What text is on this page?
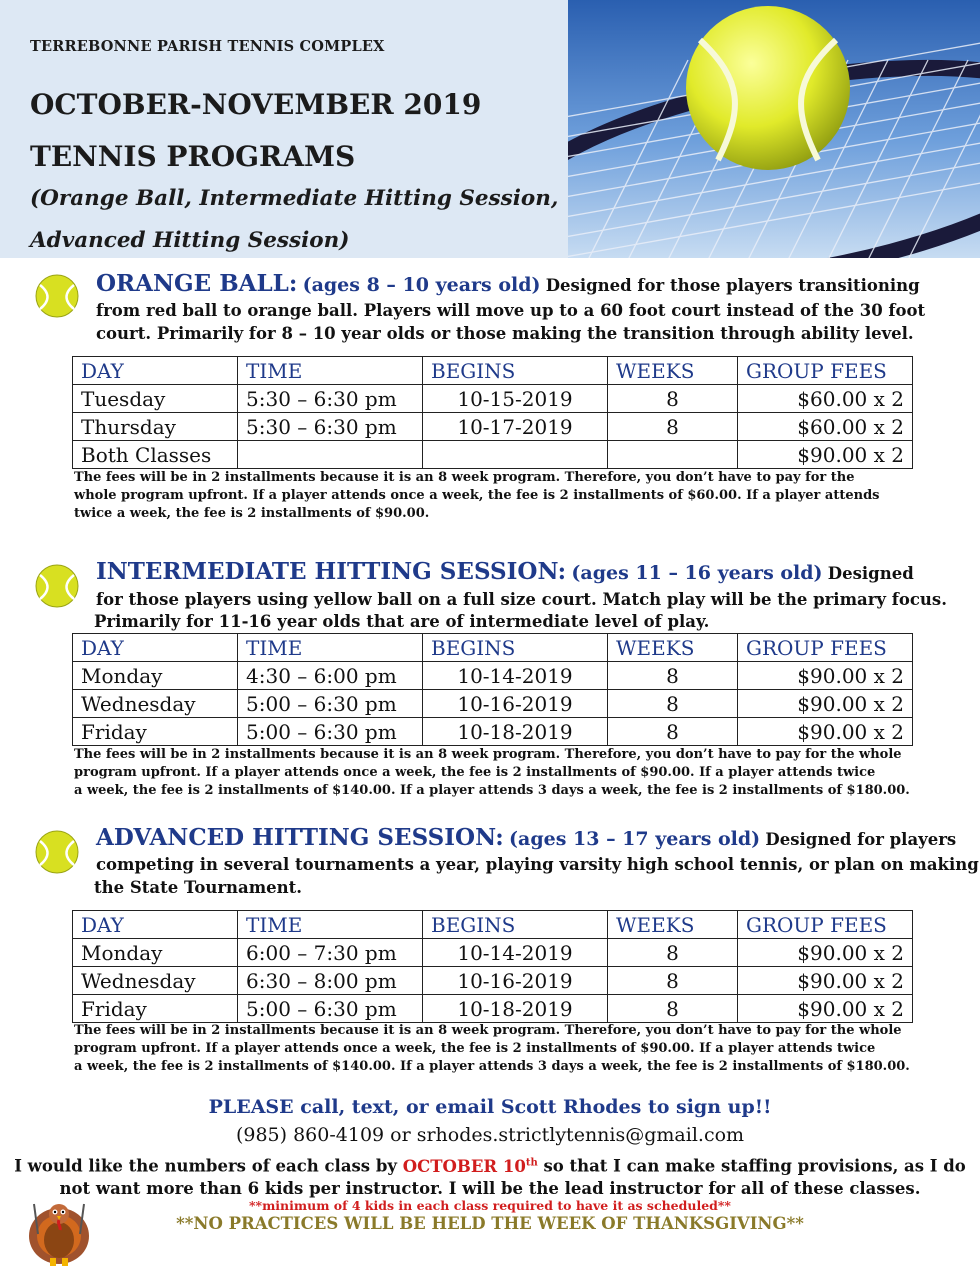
TERREBONNE PARISH TENNIS COMPLEX
OCTOBER-NOVEMBER 2019
TENNIS PROGRAMS
(Orange Ball, Intermediate Hitting Session,
Advanced Hitting Session)
ORANGE BALL: (ages 8 – 10 years old) Designed for those players transitioning
from red ball to orange ball. Players will move up to a 60 foot court instead of the 30 foot
court. Primarily for 8 – 10 year olds or those making the transition through ability level.
DAY	TIME	BEGINS	WEEKS	GROUP FEES
Tuesday	5:30 – 6:30 pm	10-15-2019	8	$60.00 x 2
Thursday	5:30 – 6:30 pm	10-17-2019	8	$60.00 x 2
Both Classes				$90.00 x 2
The fees will be in 2 installments because it is an 8 week program. Therefore, you don’t have to pay for the
whole program upfront. If a player attends once a week, the fee is 2 installments of $60.00. If a player attends
twice a week, the fee is 2 installments of $90.00.
INTERMEDIATE HITTING SESSION: (ages 11 – 16 years old) Designed
for those players using yellow ball on a full size court. Match play will be the primary focus.
Primarily for 11-16 year olds that are of intermediate level of play.
DAY	TIME	BEGINS	WEEKS	GROUP FEES
Monday	4:30 – 6:00 pm	10-14-2019	8	$90.00 x 2
Wednesday	5:00 – 6:30 pm	10-16-2019	8	$90.00 x 2
Friday	5:00 – 6:30 pm	10-18-2019	8	$90.00 x 2
The fees will be in 2 installments because it is an 8 week program. Therefore, you don’t have to pay for the whole
program upfront. If a player attends once a week, the fee is 2 installments of $90.00. If a player attends twice
a week, the fee is 2 installments of $140.00. If a player attends 3 days a week, the fee is 2 installments of $180.00.
ADVANCED HITTING SESSION: (ages 13 – 17 years old) Designed for players
competing in several tournaments a year, playing varsity high school tennis, or plan on making
the State Tournament.
DAY	TIME	BEGINS	WEEKS	GROUP FEES
Monday	6:00 – 7:30 pm	10-14-2019	8	$90.00 x 2
Wednesday	6:30 – 8:00 pm	10-16-2019	8	$90.00 x 2
Friday	5:00 – 6:30 pm	10-18-2019	8	$90.00 x 2
The fees will be in 2 installments because it is an 8 week program. Therefore, you don’t have to pay for the whole
program upfront. If a player attends once a week, the fee is 2 installments of $90.00. If a player attends twice
a week, the fee is 2 installments of $140.00. If a player attends 3 days a week, the fee is 2 installments of $180.00.
PLEASE call, text, or email Scott Rhodes to sign up!!
(985) 860-4109 or srhodes.strictlytennis@gmail.com
I would like the numbers of each class by OCTOBER 10th so that I can make staffing provisions, as I do
not want more than 6 kids per instructor. I will be the lead instructor for all of these classes.
**minimum of 4 kids in each class required to have it as scheduled**
**NO PRACTICES WILL BE HELD THE WEEK OF THANKSGIVING**
